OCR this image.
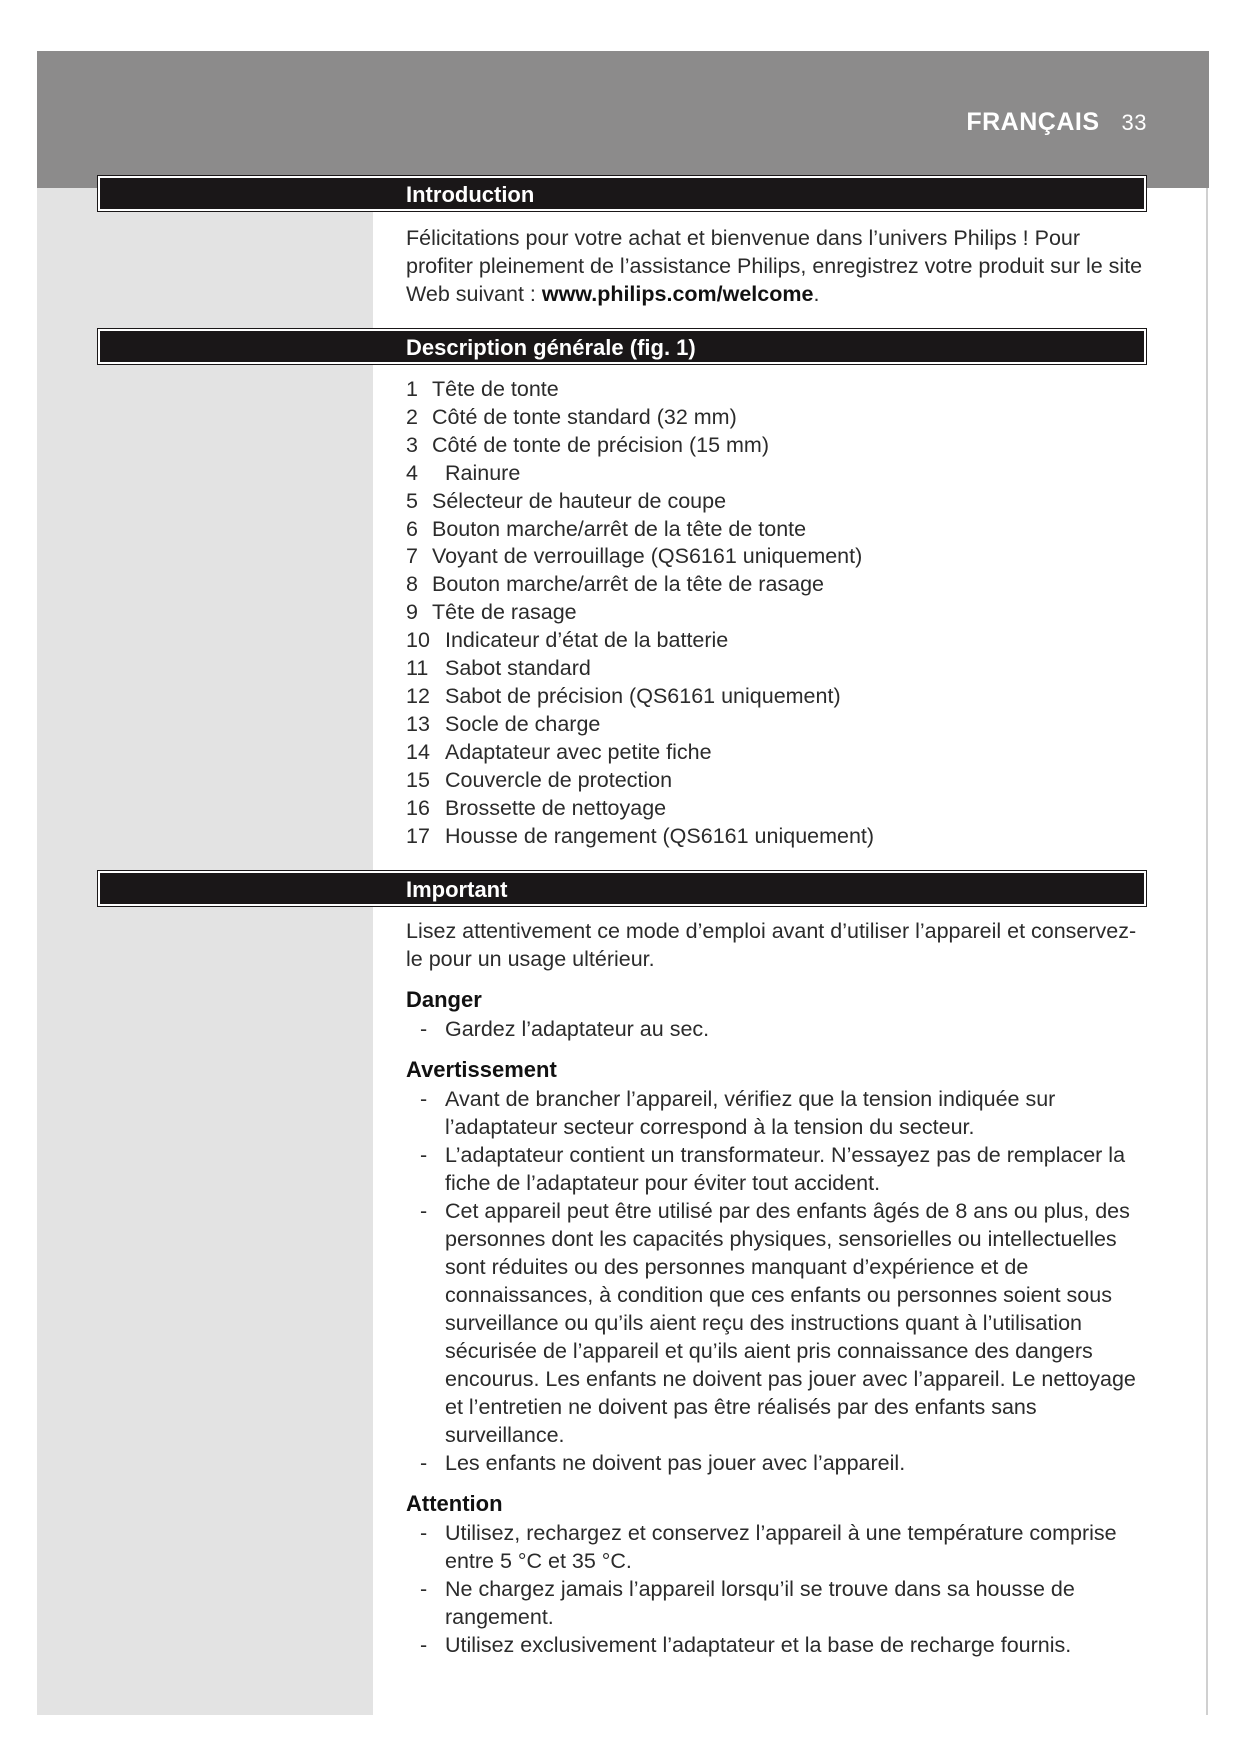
FRANÇAIS 33
Introduction

Félicitations pour votre achat et bienvenue dans l’univers Philips ! Pour profiter pleinement de l’assistance Philips, enregistrez votre produit sur le site Web suivant : www.philips.com/welcome.

Description générale (fig. 1)
1 Tête de tonte
2 Côté de tonte standard (32 mm)
3 Côté de tonte de précision (15 mm)
4	Rainure
5 Sélecteur de hauteur de coupe
6 Bouton marche/arrêt de la tête de tonte
7 Voyant de verrouillage (QS6161 uniquement)
8 Bouton marche/arrêt de la tête de rasage
9 Tête de rasage
10 Indicateur d’état de la batterie
11 Sabot standard
12 Sabot de précision (QS6161 uniquement)
13 Socle de charge
14 Adaptateur avec petite fiche
15 Couvercle de protection
16 Brossette de nettoyage
17 Housse de rangement (QS6161 uniquement)
Important

Lisez attentivement ce mode d’emploi avant d’utiliser l’appareil et conservez-le pour un usage ultérieur.

Danger

- Gardez l’adaptateur au sec.

Avertissement

- Avant de brancher l’appareil, vérifiez que la tension indiquée sur l’adaptateur secteur correspond à la tension du secteur.
- L’adaptateur contient un transformateur. N’essayez pas de remplacer la fiche de l’adaptateur pour éviter tout accident.
- Cet appareil peut être utilisé par des enfants âgés de 8 ans ou plus, des personnes dont les capacités physiques, sensorielles ou intellectuelles sont réduites ou des personnes manquant d’expérience et de connaissances, à condition que ces enfants ou personnes soient sous surveillance ou qu’ils aient reçu des instructions quant à l’utilisation sécurisée de l’appareil et qu’ils aient pris connaissance des dangers encourus. Les enfants ne doivent pas jouer avec l’appareil. Le nettoyage et l’entretien ne doivent pas être réalisés par des enfants sans surveillance.
- Les enfants ne doivent pas jouer avec l’appareil.

Attention

- Utilisez, rechargez et conservez l’appareil à une température comprise entre 5 °C et 35 °C.
- Ne chargez jamais l’appareil lorsqu’il se trouve dans sa housse de rangement.
- Utilisez exclusivement l’adaptateur et la base de recharge fournis.
